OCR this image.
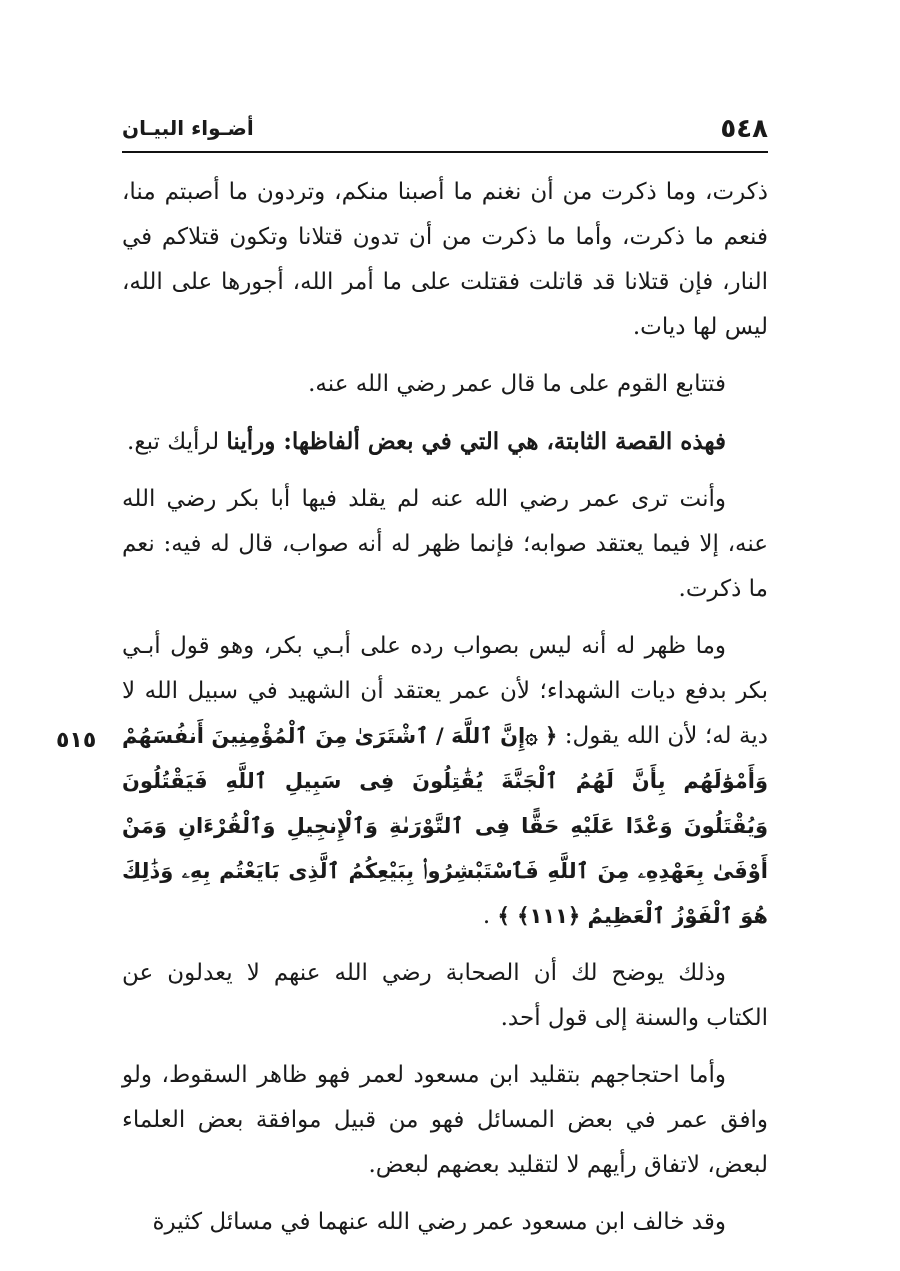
٥٤٨
أضـواء البيـان
٥١٥

ذكرت، وما ذكرت من أن نغنم ما أصبنا منكم، وتردون ما أصبتم منا، فنعم ما ذكرت، وأما ما ذكرت من أن تدون قتلانا وتكون قتلاكم في النار، فإن قتلانا قد قاتلت فقتلت على ما أمر الله، أجورها على الله، ليس لها ديات.

فتتابع القوم على ما قال عمر رضي الله عنه.

فهذه القصة الثابتة، هي التي في بعض ألفاظها: ورأينا لرأيك تبع.

وأنت ترى عمر رضي الله عنه لم يقلد فيها أبا بكر رضي الله عنه، إلا فيما يعتقد صوابه؛ فإنما ظهر له أنه صواب، قال له فيه: نعم ما ذكرت.

وما ظهر له أنه ليس بصواب رده على أبـي بكر، وهو قول أبـي بكر بدفع ديات الشهداء؛ لأن عمر يعتقد أن الشهيد في سبيل الله لا دية له؛ لأن الله يقول: ﴿ ۞إِنَّ ٱللَّهَ / ٱشْتَرَىٰ مِنَ ٱلْمُؤْمِنِينَ أَنفُسَهُمْ وَأَمْوَٰلَهُم بِأَنَّ لَهُمُ ٱلْجَنَّةَ يُقَٰتِلُونَ فِى سَبِيلِ ٱللَّهِ فَيَقْتُلُونَ وَيُقْتَلُونَ وَعْدًا عَلَيْهِ حَقًّا فِى ٱلتَّوْرَىٰةِ وَٱلْإِنجِيلِ وَٱلْقُرْءَانِ وَمَنْ أَوْفَىٰ بِعَهْدِهِۦ مِنَ ٱللَّهِ فَٱسْتَبْشِرُوا۟ بِبَيْعِكُمُ ٱلَّذِى بَايَعْتُم بِهِۦ وَذَٰلِكَ هُوَ ٱلْفَوْزُ ٱلْعَظِيمُ ﴿١١١﴾ ﴾ .

وذلك يوضح لك أن الصحابة رضي الله عنهم لا يعدلون عن الكتاب والسنة إلى قول أحد.

وأما احتجاجهم بتقليد ابن مسعود لعمر فهو ظاهر السقوط، ولو وافق عمر في بعض المسائل فهو من قبيل موافقة بعض العلماء لبعض، لاتفاق رأيهم لا لتقليد بعضهم لبعض.

وقد خالف ابن مسعود عمر رضي الله عنهما في مسائل كثيرة
